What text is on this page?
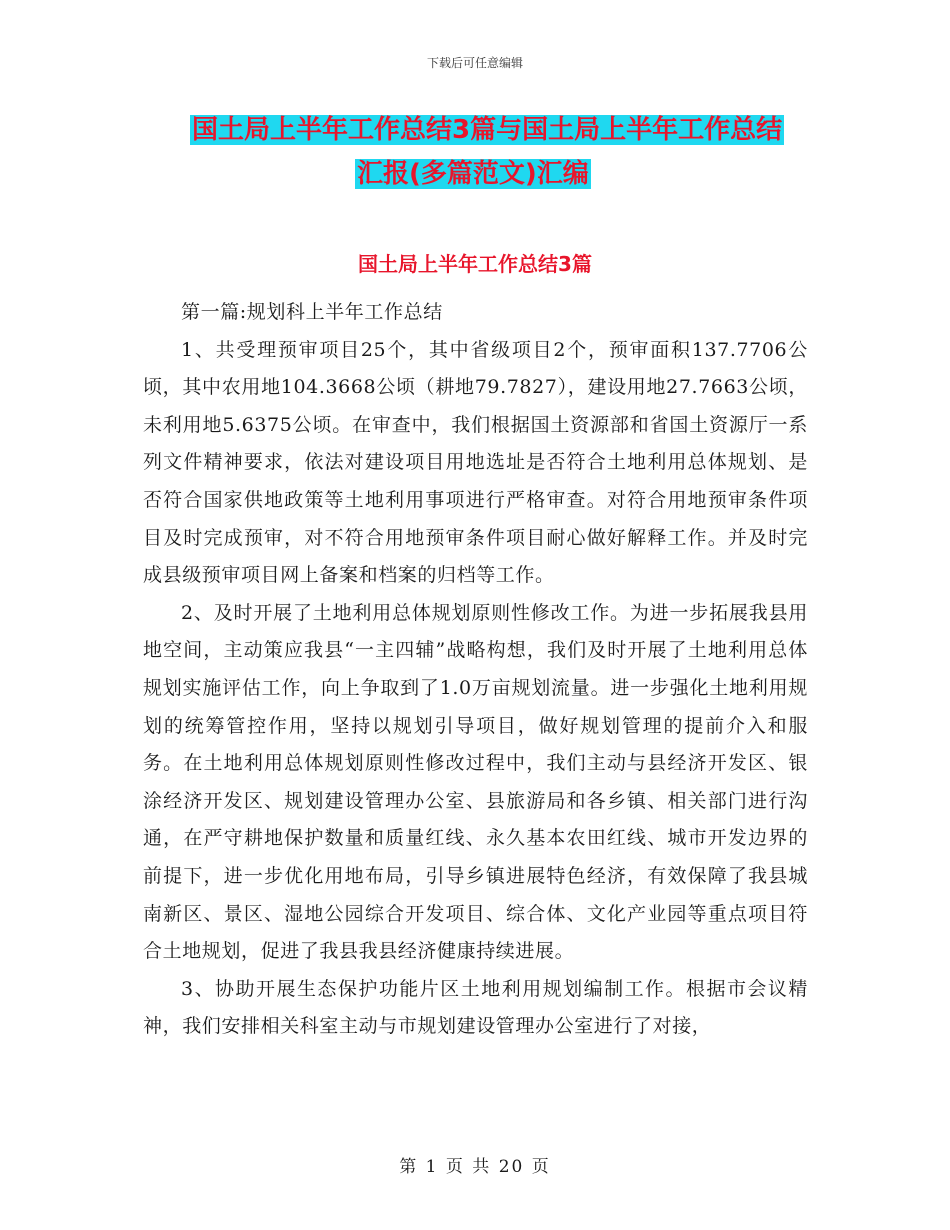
下载后可任意编辑
国土局上半年工作总结3篇与国土局上半年工作总结
汇报(多篇范文)汇编
国土局上半年工作总结3篇

第一篇:规划科上半年工作总结

1、共受理预审项目25个，其中省级项目2个，预审面积137.7706公顷，其中农用地104.3668公顷（耕地79.7827），建设用地27.7663公顷，未利用地5.6375公顷。在审查中，我们根据国土资源部和省国土资源厅一系列文件精神要求，依法对建设项目用地选址是否符合土地利用总体规划、是否符合国家供地政策等土地利用事项进行严格审查。对符合用地预审条件项目及时完成预审，对不符合用地预审条件项目耐心做好解释工作。并及时完成县级预审项目网上备案和档案的归档等工作。

2、及时开展了土地利用总体规划原则性修改工作。为进一步拓展我县用地空间，主动策应我县“一主四辅”战略构想，我们及时开展了土地利用总体规划实施评估工作，向上争取到了1.0万亩规划流量。进一步强化土地利用规划的统筹管控作用，坚持以规划引导项目，做好规划管理的提前介入和服务。在土地利用总体规划原则性修改过程中，我们主动与县经济开发区、银涂经济开发区、规划建设管理办公室、县旅游局和各乡镇、相关部门进行沟通，在严守耕地保护数量和质量红线、永久基本农田红线、城市开发边界的前提下，进一步优化用地布局，引导乡镇进展特色经济，有效保障了我县城南新区、景区、湿地公园综合开发项目、综合体、文化产业园等重点项目符合土地规划，促进了我县我县经济健康持续进展。

3、协助开展生态保护功能片区土地利用规划编制工作。根据市会议精神，我们安排相关科室主动与市规划建设管理办公室进行了对接，

第 1 页 共 20 页
